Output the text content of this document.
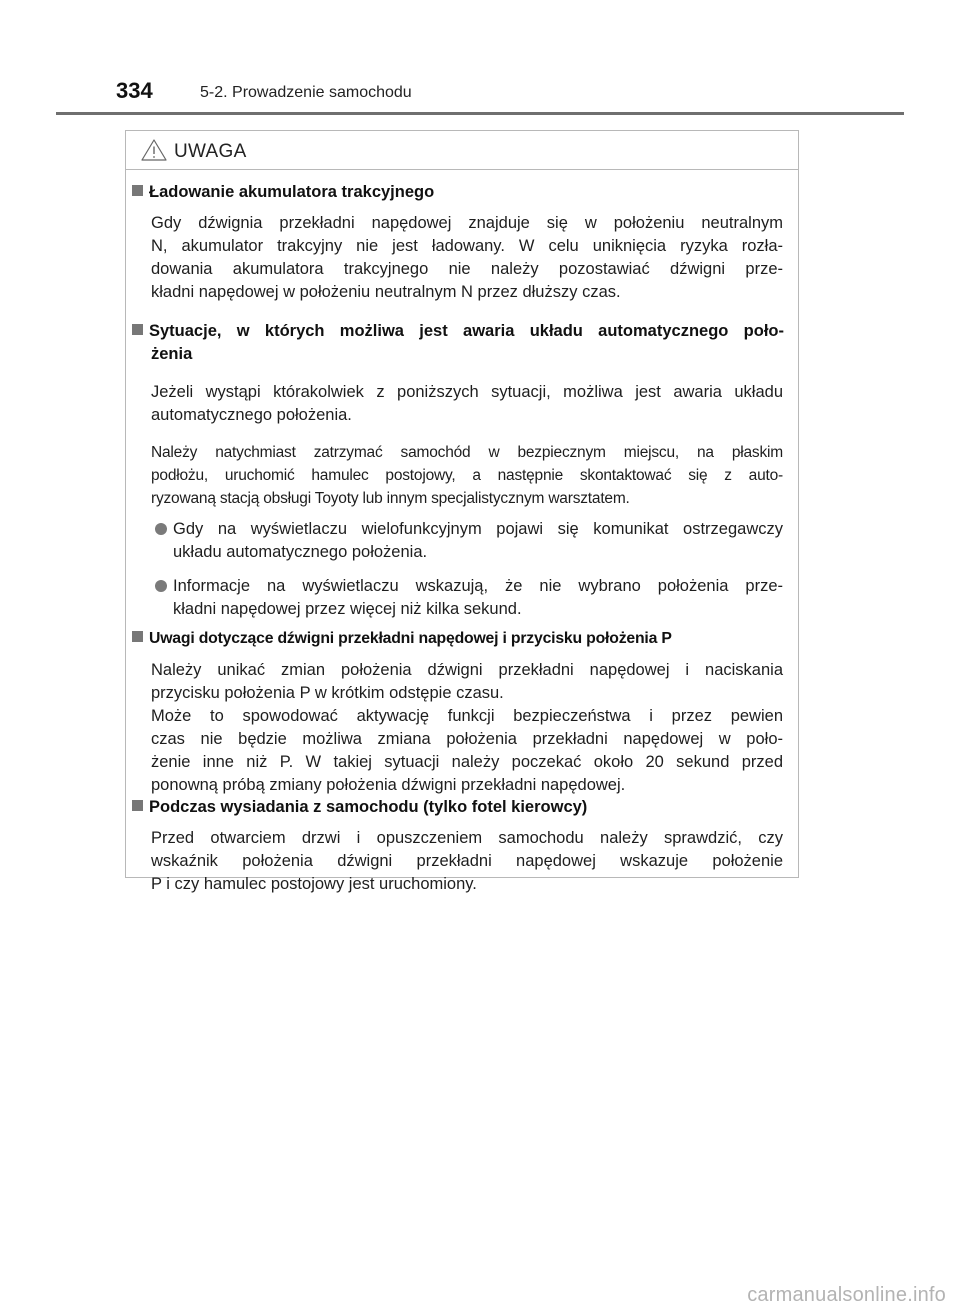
334	5-2. Prowadzenie samochodu
UWAGA
Ładowanie akumulatora trakcyjnego
Gdy dźwignia przekładni napędowej znajduje się w położeniu neutralnym
N, akumulator trakcyjny nie jest ładowany. W celu uniknięcia ryzyka rozła-
dowania akumulatora trakcyjnego nie należy pozostawiać dźwigni prze-
kładni napędowej w położeniu neutralnym N przez dłuższy czas.
Sytuacje, w których możliwa jest awaria układu automatycznego poło-
żenia
Jeżeli wystąpi którakolwiek z poniższych sytuacji, możliwa jest awaria układu
automatycznego położenia.
Należy natychmiast zatrzymać samochód w bezpiecznym miejscu, na płaskim
podłożu, uruchomić hamulec postojowy, a następnie skontaktować się z auto-
ryzowaną stacją obsługi Toyoty lub innym specjalistycznym warsztatem.
Gdy na wyświetlaczu wielofunkcyjnym pojawi się komunikat ostrzegawczy
układu automatycznego położenia.
Informacje na wyświetlaczu wskazują, że nie wybrano położenia prze-
kładni napędowej przez więcej niż kilka sekund.
Uwagi dotyczące dźwigni przekładni napędowej i przycisku położenia P
Należy unikać zmian położenia dźwigni przekładni napędowej i naciskania
przycisku położenia P w krótkim odstępie czasu.
Może to spowodować aktywację funkcji bezpieczeństwa i przez pewien
czas nie będzie możliwa zmiana położenia przekładni napędowej w poło-
żenie inne niż P. W takiej sytuacji należy poczekać około 20 sekund przed
ponowną próbą zmiany położenia dźwigni przekładni napędowej.
Podczas wysiadania z samochodu (tylko fotel kierowcy)
Przed otwarciem drzwi i opuszczeniem samochodu należy sprawdzić, czy
wskaźnik położenia dźwigni przekładni napędowej wskazuje położenie
P i czy hamulec postojowy jest uruchomiony.
carmanualsonline.info
